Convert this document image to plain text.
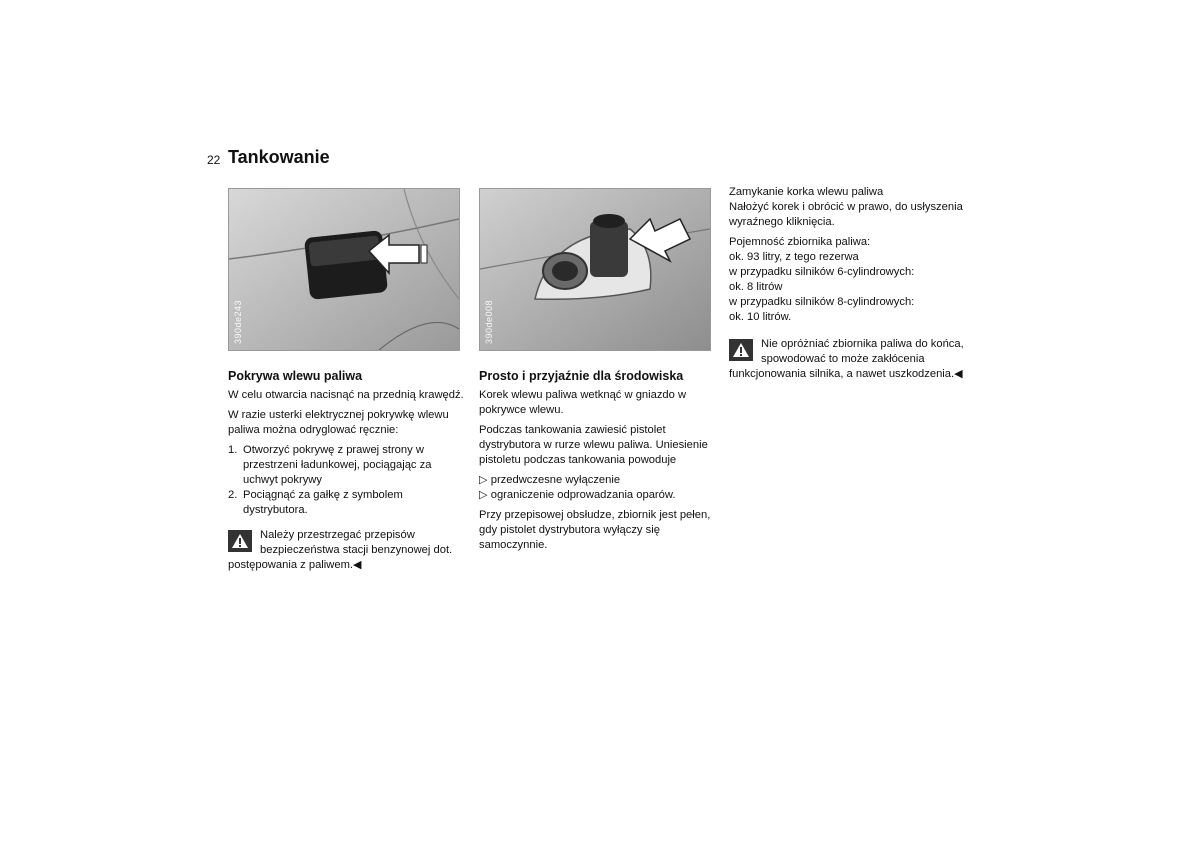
22 Tankowanie
390de243	390de008
Pokrywa wlewu paliwa

W celu otwarcia nacisnąć na przednią krawędź.

W razie usterki elektrycznej pokrywkę wlewu paliwa można odryglować ręcznie:

1. Otworzyć pokrywę z prawej strony w przestrzeni ładunkowej, pociągając za uchwyt pokrywy
2. Pociągnąć za gałkę z symbolem dystrybutora.
Należy przestrzegać przepisów bezpieczeństwa stacji benzynowej dot. postępowania z paliwem.◀
Prosto i przyjaźnie dla środowiska

Korek wlewu paliwa wetknąć w gniazdo w pokrywce wlewu.

Podczas tankowania zawiesić pistolet dystrybutora w rurze wlewu paliwa. Uniesienie pistoletu podczas tankowania powoduje

▷ przedwczesne wyłączenie
▷ ograniczenie odprowadzania oparów.

Przy przepisowej obsłudze, zbiornik jest pełen, gdy pistolet dystrybutora wyłączy się samoczynnie.

Zamykanie korka wlewu paliwa
Nałożyć korek i obrócić w prawo, do usłyszenia wyraźnego kliknięcia.

Pojemność zbiornika paliwa:
ok. 93 litry, z tego rezerwa
w przypadku silników 6-cylindrowych:
ok. 8 litrów
w przypadku silników 8-cylindrowych:
ok. 10 litrów.

Nie opróżniać zbiornika paliwa do końca, spowodować to może zakłócenia funkcjonowania silnika, a nawet uszkodzenia.◀
